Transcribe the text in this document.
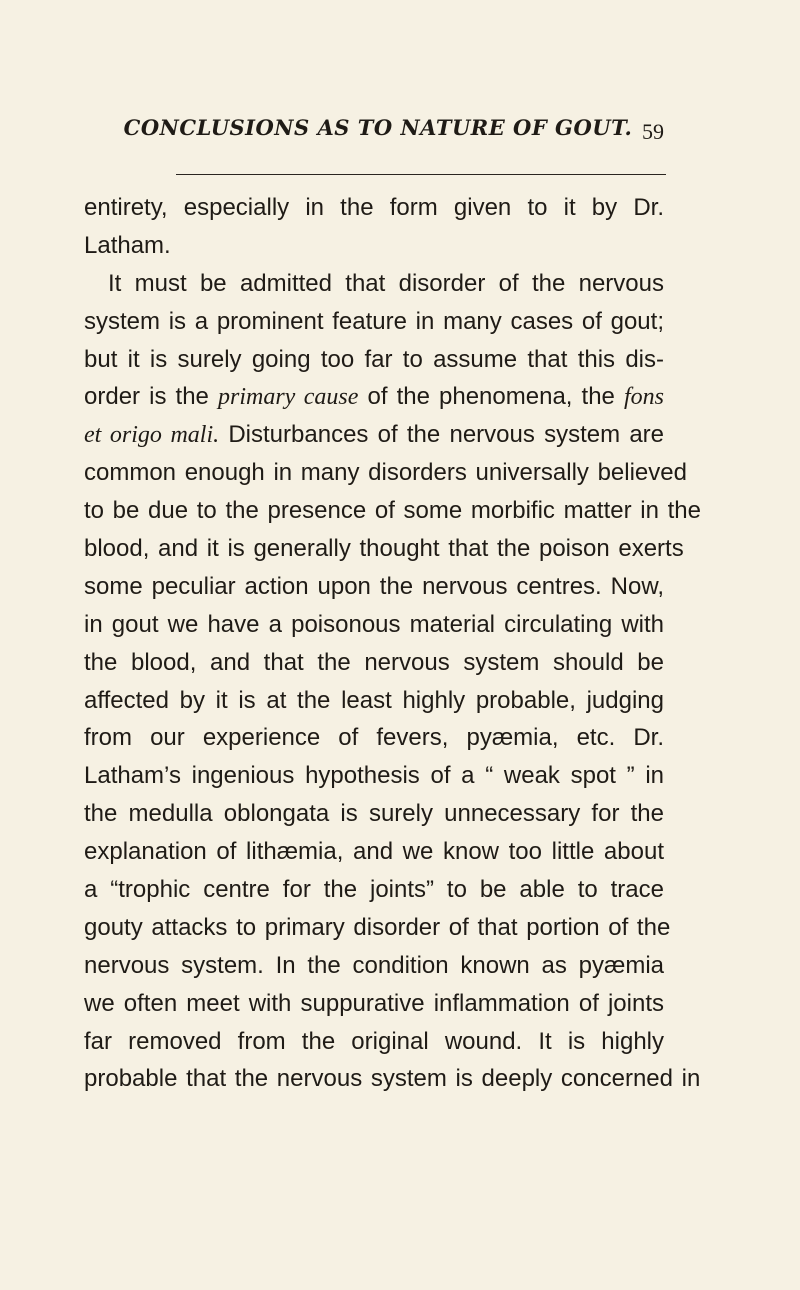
CONCLUSIONS AS TO NATURE OF GOUT. 59
entirety, especially in the form given to it by Dr.
Latham.
It must be admitted that disorder of the nervous
system is a prominent feature in many cases of gout;
but it is surely going too far to assume that this dis-
order is the primary cause of the phenomena, the fons
et origo mali. Disturbances of the nervous system are
common enough in many disorders universally believed
to be due to the presence of some morbific matter in the
blood, and it is generally thought that the poison exerts
some peculiar action upon the nervous centres. Now,
in gout we have a poisonous material circulating with
the blood, and that the nervous system should be
affected by it is at the least highly probable, judging
from our experience of fevers, pyæmia, etc. Dr.
Latham’s ingenious hypothesis of a “ weak spot ” in
the medulla oblongata is surely unnecessary for the
explanation of lithæmia, and we know too little about
a “trophic centre for the joints” to be able to trace
gouty attacks to primary disorder of that portion of the
nervous system. In the condition known as pyæmia
we often meet with suppurative inflammation of joints
far removed from the original wound. It is highly
probable that the nervous system is deeply concerned in
